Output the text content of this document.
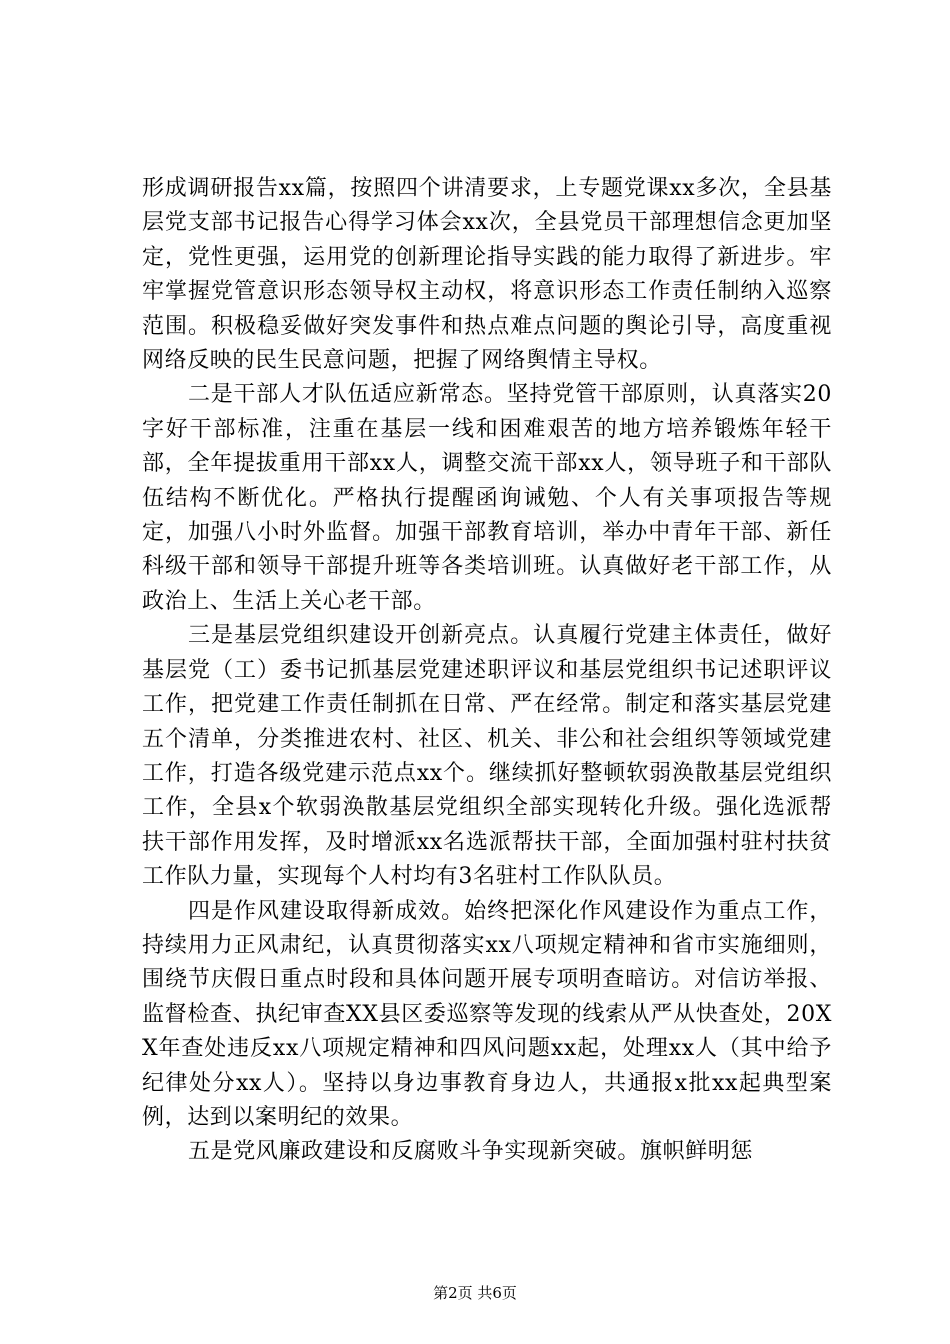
形成调研报告xx篇，按照四个讲清要求，上专题党课xx多次，全县基层党支部书记报告心得学习体会xx次，全县党员干部理想信念更加坚定，党性更强，运用党的创新理论指导实践的能力取得了新进步。牢牢掌握党管意识形态领导权主动权，将意识形态工作责任制纳入巡察范围。积极稳妥做好突发事件和热点难点问题的舆论引导，高度重视网络反映的民生民意问题，把握了网络舆情主导权。

二是干部人才队伍适应新常态。坚持党管干部原则，认真落实20字好干部标准，注重在基层一线和困难艰苦的地方培养锻炼年轻干部，全年提拔重用干部xx人，调整交流干部xx人，领导班子和干部队伍结构不断优化。严格执行提醒函询诫勉、个人有关事项报告等规定，加强八小时外监督。加强干部教育培训，举办中青年干部、新任科级干部和领导干部提升班等各类培训班。认真做好老干部工作，从政治上、生活上关心老干部。

三是基层党组织建设开创新亮点。认真履行党建主体责任，做好基层党（工）委书记抓基层党建述职评议和基层党组织书记述职评议工作，把党建工作责任制抓在日常、严在经常。制定和落实基层党建五个清单，分类推进农村、社区、机关、非公和社会组织等领域党建工作，打造各级党建示范点xx个。继续抓好整顿软弱涣散基层党组织工作，全县x个软弱涣散基层党组织全部实现转化升级。强化选派帮扶干部作用发挥，及时增派xx名选派帮扶干部，全面加强村驻村扶贫工作队力量，实现每个人村均有3名驻村工作队队员。

四是作风建设取得新成效。始终把深化作风建设作为重点工作，持续用力正风肃纪，认真贯彻落实xx八项规定精神和省市实施细则，围绕节庆假日重点时段和具体问题开展专项明查暗访。对信访举报、监督检查、执纪审查XX县区委巡察等发现的线索从严从快查处，20XX年查处违反xx八项规定精神和四风问题xx起，处理xx人（其中给予纪律处分xx人）。坚持以身边事教育身边人，共通报x批xx起典型案例，达到以案明纪的效果。

五是党风廉政建设和反腐败斗争实现新突破。旗帜鲜明惩

第2页 共6页
